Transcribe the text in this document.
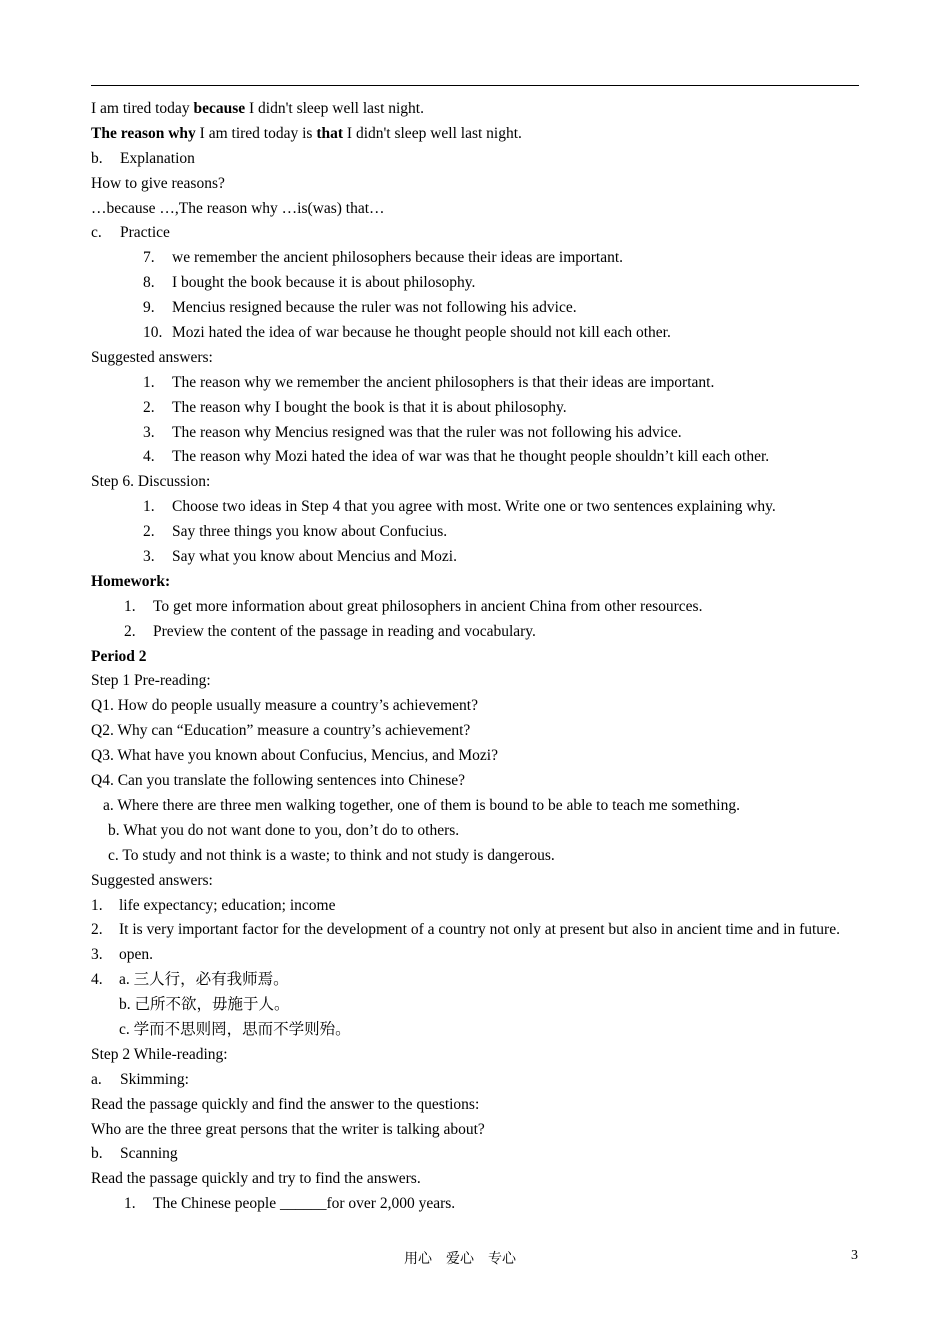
I am tired today because I didn't sleep well last night.
The reason why I am tired today is that I didn't sleep well last night.
b. Explanation
How to give reasons?
…because …,The reason why …is(was) that…
c. Practice
7. we remember the ancient philosophers because their ideas are important.
8. I bought the book because it is about philosophy.
9. Mencius resigned because the ruler was not following his advice.
10. Mozi hated the idea of war because he thought people should not kill each other.
Suggested answers:
1. The reason why we remember the ancient philosophers is that their ideas are important.
2. The reason why I bought the book is that it is about philosophy.
3. The reason why Mencius resigned was that the ruler was not following his advice.
4. The reason why Mozi hated the idea of war was that he thought people shouldn’t kill each other.
Step 6. Discussion:
1. Choose two ideas in Step 4 that you agree with most. Write one or two sentences explaining why.
2. Say three things you know about Confucius.
3. Say what you know about Mencius and Mozi.
Homework:
1. To get more information about great philosophers in ancient China from other resources.
2. Preview the content of the passage in reading and vocabulary.
Period 2
Step 1 Pre-reading:
Q1. How do people usually measure a country’s achievement?
Q2. Why can “Education” measure a country’s achievement?
Q3. What have you known about Confucius, Mencius, and Mozi?
Q4. Can you translate the following sentences into Chinese?
a. Where there are three men walking together, one of them is bound to be able to teach me something.
b. What you do not want done to you, don’t do to others.
c. To study and not think is a waste; to think and not study is dangerous.
Suggested answers:
1.	life expectancy; education; income
2.	It is very important factor for the development of a country not only at present but also in ancient time and in future.
3.	open.
4.	a. 三人行，必有我师焉。
b. 己所不欲，毋施于人。
c. 学而不思则罔，思而不学则殆。
Step 2 While-reading:
a. Skimming:
Read the passage quickly and find the answer to the questions:
Who are the three great persons that the writer is talking about?
b. Scanning
Read the passage quickly and try to find the answers.
1. The Chinese people ______for over 2,000 years.
用心　爱心　专心	3
